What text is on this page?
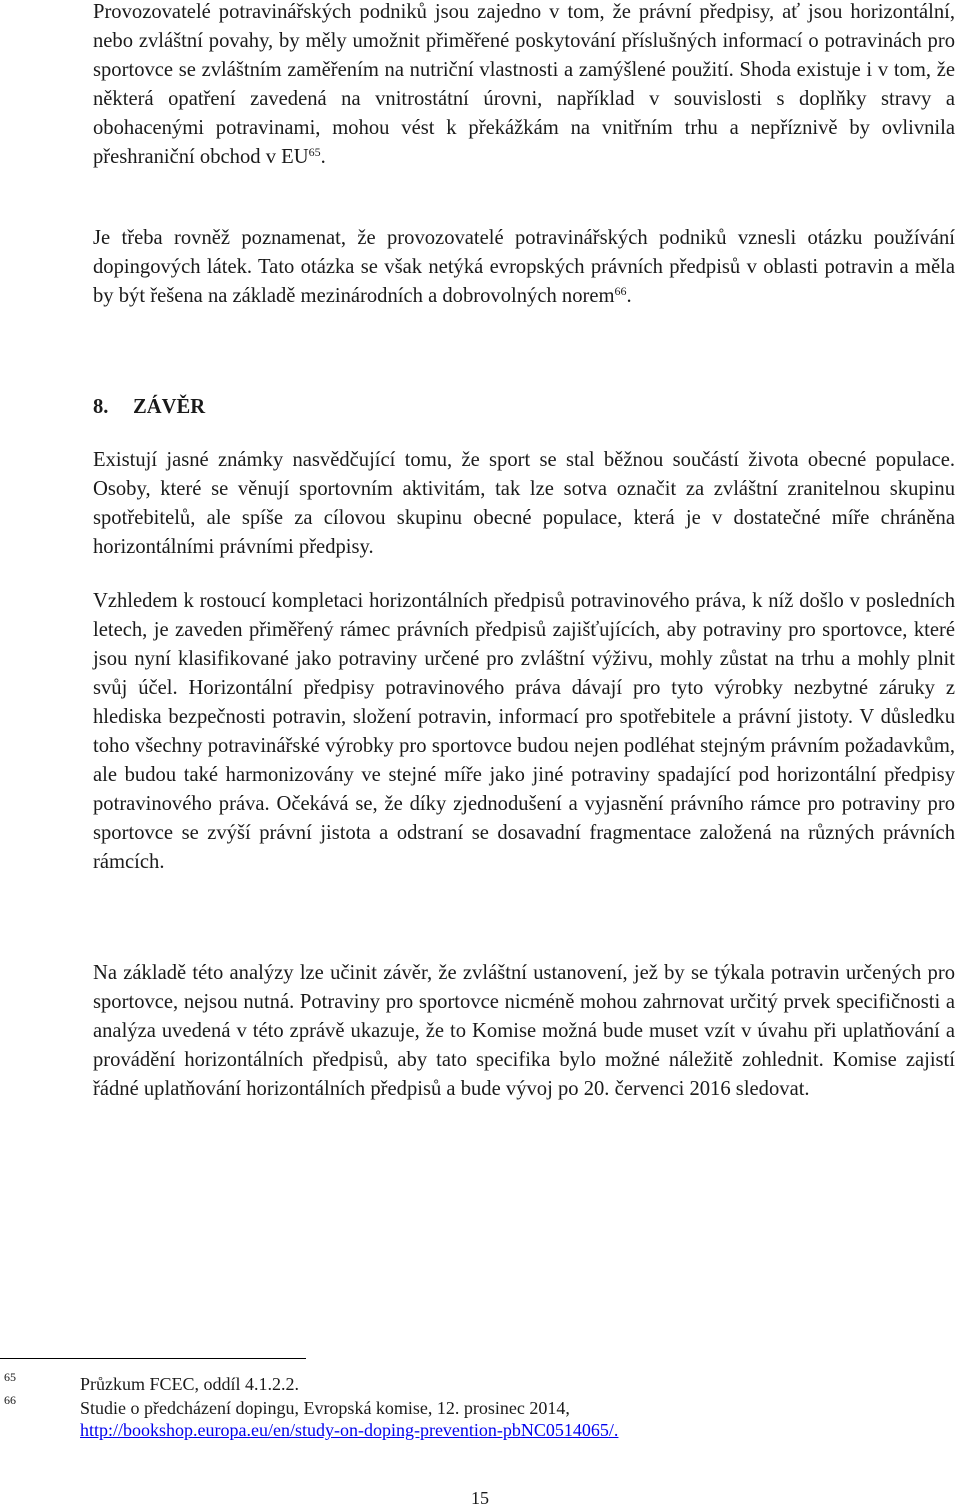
Provozovatelé potravinářských podniků jsou zajedno v tom, že právní předpisy, ať jsou horizontální, nebo zvláštní povahy, by měly umožnit přiměřené poskytování příslušných informací o potravinách pro sportovce se zvláštním zaměřením na nutriční vlastnosti a zamýšlené použití. Shoda existuje i v tom, že některá opatření zavedená na vnitrostátní úrovni, například v souvislosti s doplňky stravy a obohacenými potravinami, mohou vést k překážkám na vnitřním trhu a nepříznivě by ovlivnila přeshraniční obchod v EU$^{65}$.

Je třeba rovněž poznamenat, že provozovatelé potravinářských podniků vznesli otázku používání dopingových látek. Tato otázka se však netýká evropských právních předpisů v oblasti potravin a měla by být řešena na základě mezinárodních a dobrovolných norem$^{66}$.

8. ZÁVĚR

Existují jasné známky nasvědčující tomu, že sport se stal běžnou součástí života obecné populace. Osoby, které se věnují sportovním aktivitám, tak lze sotva označit za zvláštní zranitelnou skupinu spotřebitelů, ale spíše za cílovou skupinu obecné populace, která je v dostatečné míře chráněna horizontálními právními předpisy.

Vzhledem k rostoucí kompletaci horizontálních předpisů potravinového práva, k níž došlo v posledních letech, je zaveden přiměřený rámec právních předpisů zajišťujících, aby potraviny pro sportovce, které jsou nyní klasifikované jako potraviny určené pro zvláštní výživu, mohly zůstat na trhu a mohly plnit svůj účel. Horizontální předpisy potravinového práva dávají pro tyto výrobky nezbytné záruky z hlediska bezpečnosti potravin, složení potravin, informací pro spotřebitele a právní jistoty. V důsledku toho všechny potravinářské výrobky pro sportovce budou nejen podléhat stejným právním požadavkům, ale budou také harmonizovány ve stejné míře jako jiné potraviny spadající pod horizontální předpisy potravinového práva. Očekává se, že díky zjednodušení a vyjasnění právního rámce pro potraviny pro sportovce se zvýší právní jistota a odstraní se dosavadní fragmentace založená na různých právních rámcích.

Na základě této analýzy lze učinit závěr, že zvláštní ustanovení, jež by se týkala potravin určených pro sportovce, nejsou nutná. Potraviny pro sportovce nicméně mohou zahrnovat určitý prvek specifičnosti a analýza uvedená v této zprávě ukazuje, že to Komise možná bude muset vzít v úvahu při uplatňování a provádění horizontálních předpisů, aby tato specifika bylo možné náležitě zohlednit. Komise zajistí řádné uplatňování horizontálních předpisů a bude vývoj po 20. červenci 2016 sledovat.

65	Průzkum FCEC, oddíl 4.1.2.2.

66	Studie o předcházení dopingu, Evropská komise, 12. prosinec 2014,
http://bookshop.europa.eu/en/study-on-doping-prevention-pbNC0514065/.

15
